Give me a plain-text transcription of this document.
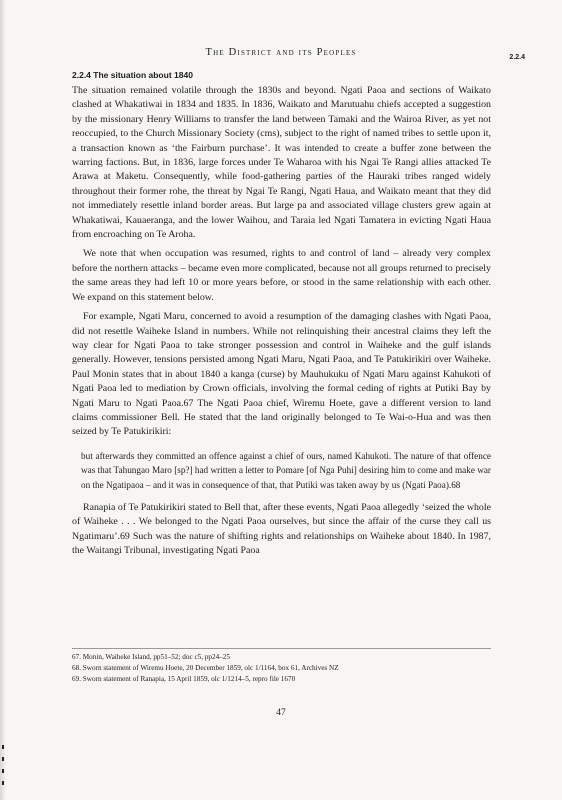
The District and its Peoples	2.2.4
2.2.4 The situation about 1840

The situation remained volatile through the 1830s and beyond. Ngati Paoa and sections of Waikato clashed at Whakatiwai in 1834 and 1835. In 1836, Waikato and Marutuahu chiefs accepted a suggestion by the missionary Henry Williams to transfer the land between Tamaki and the Wairoa River, as yet not reoccupied, to the Church Missionary Society (cms), subject to the right of named tribes to settle upon it, a transaction known as ‘the Fairburn purchase’. It was intended to create a buffer zone between the warring factions. But, in 1836, large forces under Te Waharoa with his Ngai Te Rangi allies attacked Te Arawa at Maketu. Consequently, while food-gathering parties of the Hauraki tribes ranged widely throughout their former rohe, the threat by Ngai Te Rangi, Ngati Haua, and Waikato meant that they did not immediately resettle inland border areas. But large pa and associated village clusters grew again at Whakatiwai, Kauaeranga, and the lower Waihou, and Taraia led Ngati Tamatera in evicting Ngati Haua from encroaching on Te Aroha.

We note that when occupation was resumed, rights to and control of land – already very complex before the northern attacks – became even more complicated, because not all groups returned to precisely the same areas they had left 10 or more years before, or stood in the same relationship with each other. We expand on this statement below.

For example, Ngati Maru, concerned to avoid a resumption of the damaging clashes with Ngati Paoa, did not resettle Waiheke Island in numbers. While not relinquishing their ancestral claims they left the way clear for Ngati Paoa to take stronger possession and control in Waiheke and the gulf islands generally. However, tensions persisted among Ngati Maru, Ngati Paoa, and Te Patukirikiri over Waiheke. Paul Monin states that in about 1840 a kanga (curse) by Mauhukuku of Ngati Maru against Kahukoti of Ngati Paoa led to mediation by Crown officials, involving the formal ceding of rights at Putiki Bay by Ngati Maru to Ngati Paoa.67 The Ngati Paoa chief, Wiremu Hoete, gave a different version to land claims commissioner Bell. He stated that the land originally belonged to Te Wai-o-Hua and was then seized by Te Patukirikiri:

but afterwards they committed an offence against a chief of ours, named Kahukoti. The nature of that offence was that Tahungao Maro [sp?] had written a letter to Pomare [of Nga Puhi] desiring him to come and make war on the Ngatipaoa – and it was in consequence of that, that Putiki was taken away by us (Ngati Paoa).68

Ranapia of Te Patukirikiri stated to Bell that, after these events, Ngati Paoa allegedly ‘seized the whole of Waiheke . . . We belonged to the Ngati Paoa ourselves, but since the affair of the curse they call us Ngatimaru’.69 Such was the nature of shifting rights and relationships on Waiheke about 1840. In 1987, the Waitangi Tribunal, investigating Ngati Paoa

67. Monin, Waiheke Island, pp51–52; doc c5, pp24–25
68. Sworn statement of Wiremu Hoete, 20 December 1859, olc 1/1164, box 61, Archives NZ
69. Sworn statement of Ranapia, 15 April 1859, olc 1/1214–5, repro file 1670
47
